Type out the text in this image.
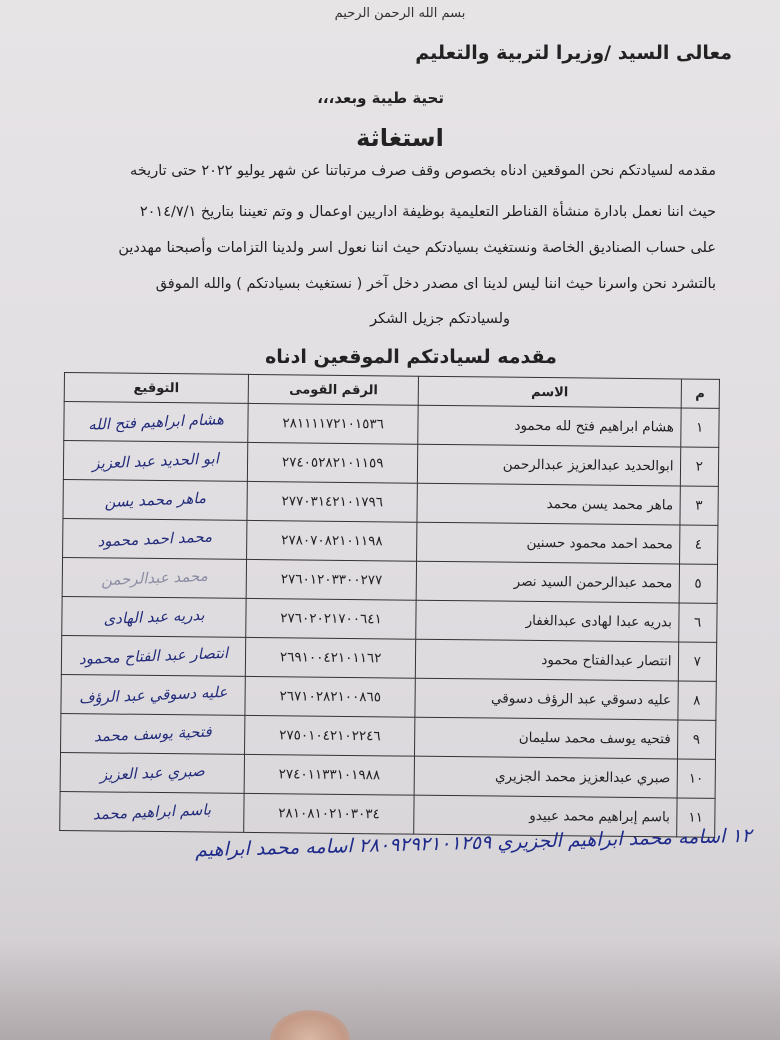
بسم الله الرحمن الرحيم
معالى السيد /وزيرا لتربية والتعليم
تحية طيبة وبعد،،،
استغاثة
مقدمه لسيادتكم نحن الموقعين ادناه بخصوص وقف صرف مرتباتنا عن شهر يوليو ٢٠٢٢ حتى تاريخه
حيث اننا نعمل بادارة منشأة القناطر التعليمية بوظيفة اداريين اوعمال و وتم تعيننا بتاريخ ٢٠١٤/٧/١
على حساب الصناديق الخاصة ونستغيث بسيادتكم حيث اننا نعول اسر ولدينا التزامات وأصبحنا مهددين
بالتشرد نحن واسرنا حيث اننا ليس لدينا اى مصدر دخل آخر ( نستغيث بسيادتكم ) والله الموفق
ولسيادتكم جزيل الشكر
مقدمه لسيادتكم الموقعين ادناه
م	الاسم	الرقم القومى	التوقيع
١	هشام ابراهيم فتح لله محمود	٢٨١١١١٧٢١٠١٥٣٦	هشام ابراهيم فتح الله

٢	ابوالحديد عبدالعزيز عبدالرحمن	٢٧٤٠٥٢٨٢١٠١١٥٩	ابو الحديد عبد العزيز

٣	ماهر محمد يسن محمد	٢٧٧٠٣١٤٢١٠١٧٩٦	ماهر محمد يسن

٤	محمد احمد محمود حسنين	٢٧٨٠٧٠٨٢١٠١١٩٨	محمد احمد محمود

٥	محمد عبدالرحمن السيد نصر	٢٧٦٠١٢٠٣٣٠٠٢٧٧	محمد عبدالرحمن

٦	بدريه عبدا لهادى عبدالغفار	٢٧٦٠٢٠٢١٧٠٠٦٤١	بدريه عبد الهادى

٧	انتصار عبدالفتاح محمود	٢٦٩١٠٠٤٢١٠١١٦٢	انتصار عبد الفتاح محمود

٨	عليه دسوقي عبد الرؤف دسوقي	٢٦٧١٠٢٨٢١٠٠٨٦٥	عليه دسوقي عبد الرؤف

٩	فتحيه يوسف محمد سليمان	٢٧٥٠١٠٤٢١٠٢٢٤٦	فتحية يوسف محمد

١٠	صبري عبدالعزيز محمد الجزيري	٢٧٤٠١١٣٣١٠١٩٨٨	صبري عبد العزيز

١١	باسم إبراهيم محمد عبيدو	٢٨١٠٨١٠٢١٠٣٠٣٤	باسم ابراهيم محمد
١٢ اسامه محمد ابراهيم الجزيري ٢٨٠٩٢٩٢١٠١٢٥٩ اسامه محمد ابراهيم
